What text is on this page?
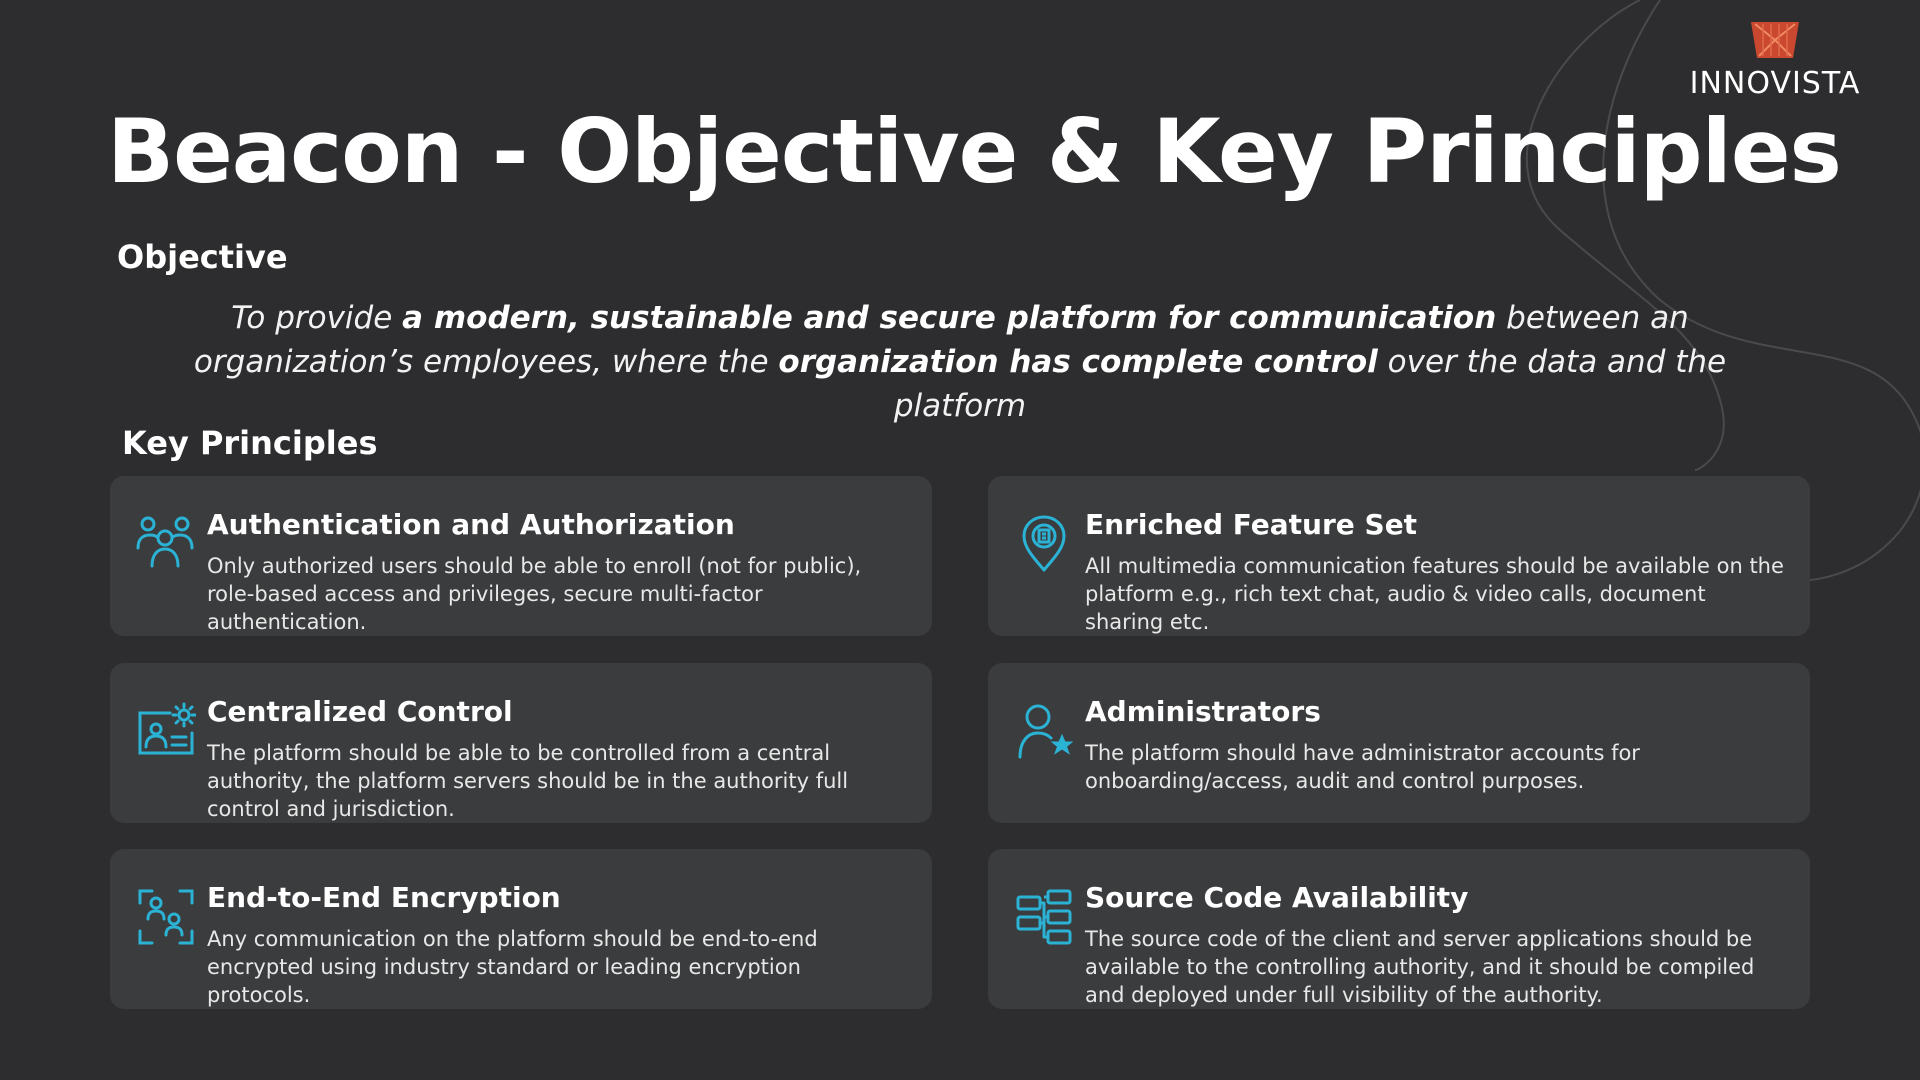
INNOVISTA
Beacon - Objective & Key Principles
Objective

To provide a modern, sustainable and secure platform for communication between an organization’s employees, where the organization has complete control over the data and the platform

Key Principles
Authentication and Authorization

Only authorized users should be able to enroll (not for public), role-based access and privileges, secure multi-factor authentication.

Enriched Feature Set

All multimedia communication features should be available on the platform e.g., rich text chat, audio & video calls, document sharing etc.

Centralized Control

The platform should be able to be controlled from a central authority, the platform servers should be in the authority full control and jurisdiction.

Administrators

The platform should have administrator accounts for onboarding/access, audit and control purposes.

End-to-End Encryption

Any communication on the platform should be end-to-end encrypted using industry standard or leading encryption protocols.

Source Code Availability

The source code of the client and server applications should be available to the controlling authority, and it should be compiled and deployed under full visibility of the authority.
